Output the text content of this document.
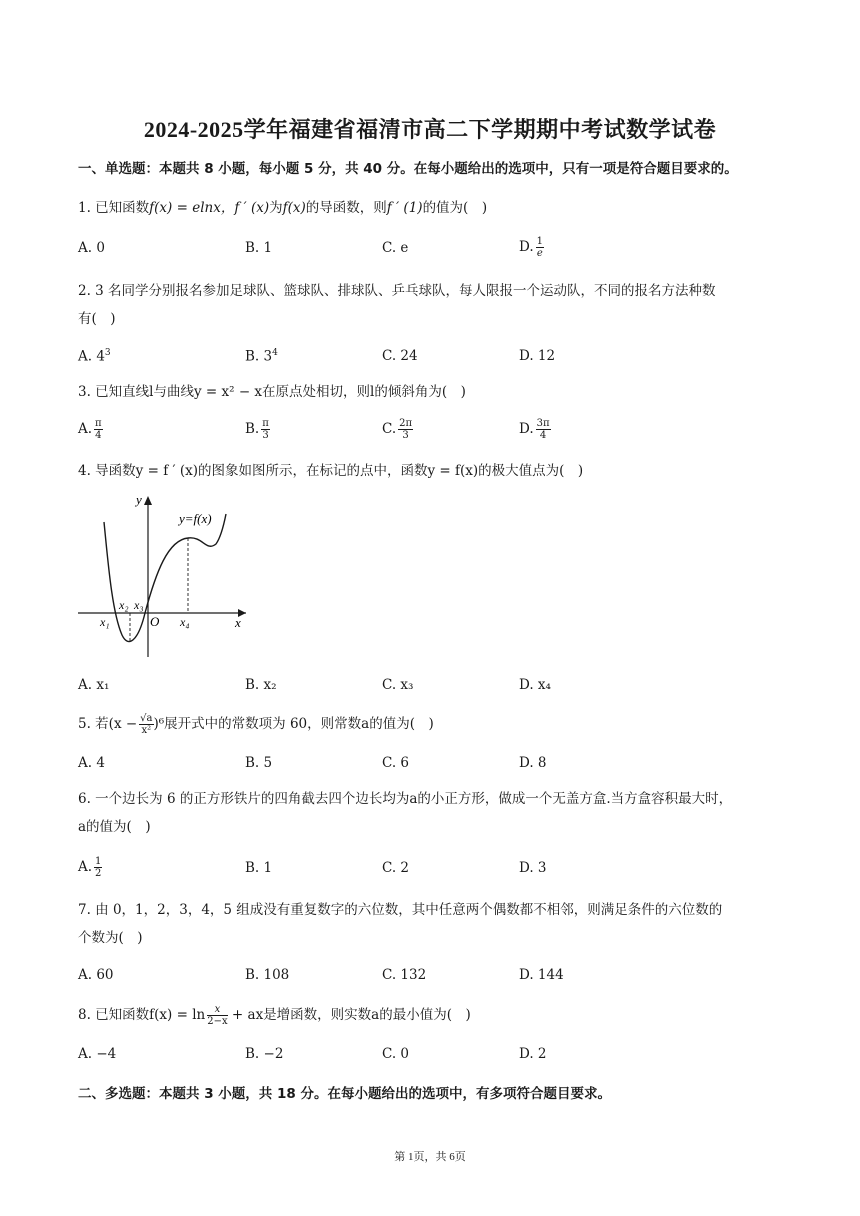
2024-2025学年福建省福清市高二下学期期中考试数学试卷
一、单选题：本题共 8 小题，每小题 5 分，共 40 分。在每小题给出的选项中，只有一项是符合题目要求的。
1. 已知函数f(x) = elnx，f ′ (x)为f(x)的导函数，则f ′ (1)的值为(　)
A. 0	B. 1	C. e	D. $\frac{1}{e}$
2. 3 名同学分别报名参加足球队、篮球队、排球队、乒乓球队，每人限报一个运动队，不同的报名方法种数
有(　)
A. $4^3$	B. $3^4$	C. 24	D. 12
3. 已知直线l与曲线y = x² − x在原点处相切，则l的倾斜角为(　)
A. $\frac{\pi}{4}$	B. $\frac{\pi}{3}$	C. $\frac{2\pi}{3}$	D. $\frac{3\pi}{4}$
4. 导函数y = f ′ (x)的图象如图所示，在标记的点中，函数y = f(x)的极大值点为(　)
y
x
y=f(x)
O
x₁
x₂ x₃
x₄
A. x₁	B. x₂	C. x₃	D. x₄
5. 若$(x - \frac{√a}{\text{x²}} )^6$展开式中的常数项为 60，则常数a的值为(　)
A. 4	B. 5	C. 6	D. 8
6. 一个边长为 6 的正方形铁片的四角截去四个边长均为a的小正方形，做成一个无盖方盒.当方盒容积最大时，
a的值为(　)
A. $\frac{1}{2}$	B. 1	C. 2	D. 3
7. 由 0，1，2，3，4，5 组成没有重复数字的六位数，其中任意两个偶数都不相邻，则满足条件的六位数的
个数为(　)
A. 60	B. 108	C. 132	D. 144
8. 已知函数$f(x) = \ln \frac{x}{2-x}$ + ax是增函数，则实数a的最小值为(　)
A. −4	B. −2	C. 0	D. 2
二、多选题：本题共 3 小题，共 18 分。在每小题给出的选项中，有多项符合题目要求。
第 1页，共 6页
